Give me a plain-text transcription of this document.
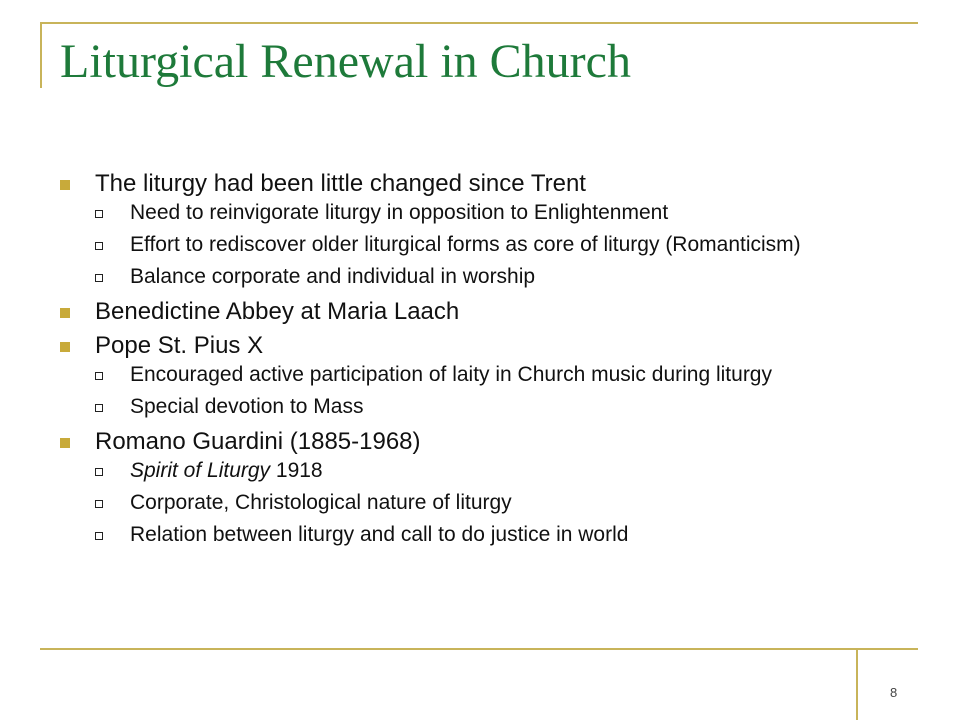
Liturgical Renewal in Church
The liturgy had been little changed since Trent
Need to reinvigorate liturgy in opposition to Enlightenment
Effort to rediscover older liturgical forms as core of liturgy (Romanticism)
Balance corporate and individual in worship
Benedictine Abbey at Maria Laach
Pope St. Pius X
Encouraged active participation of laity in Church music during liturgy
Special devotion to Mass
Romano Guardini (1885-1968)
Spirit of Liturgy 1918
Corporate, Christological nature of liturgy
Relation between liturgy and call to do justice in world
8
